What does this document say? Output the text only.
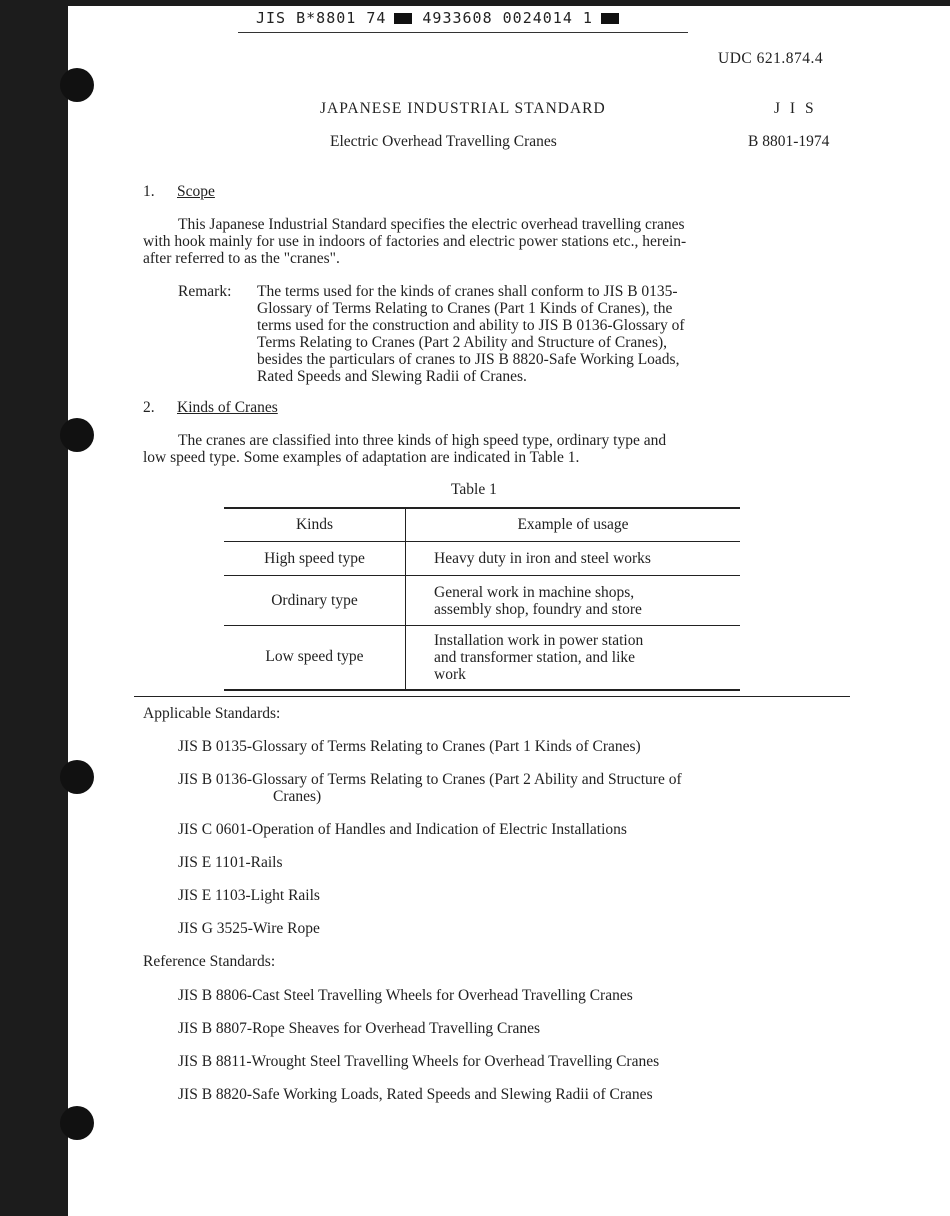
JIS B*8801 74 4933608 0024014 1
UDC 621.874.4
JAPANESE INDUSTRIAL STANDARD	J I S
Electric Overhead Travelling Cranes	B 8801-1974
1. Scope
This Japanese Industrial Standard specifies the electric overhead travelling cranes
with hook mainly for use in indoors of factories and electric power stations etc., herein-
after referred to as the "cranes".
Remark: The terms used for the kinds of cranes shall conform to JIS B 0135-
Glossary of Terms Relating to Cranes (Part 1 Kinds of Cranes), the
terms used for the construction and ability to JIS B 0136-Glossary of
Terms Relating to Cranes (Part 2 Ability and Structure of Cranes),
besides the particulars of cranes to JIS B 8820-Safe Working Loads,
Rated Speeds and Slewing Radii of Cranes.
2. Kinds of Cranes
The cranes are classified into three kinds of high speed type, ordinary type and
low speed type. Some examples of adaptation are indicated in Table 1.
Table 1
Kinds	Example of usage
High speed type	Heavy duty in iron and steel works

Ordinary type	General work in machine shops,
assembly shop, foundry and store

Low speed type	Installation work in power station
and transformer station, and like
work
Applicable Standards:
JIS B 0135-Glossary of Terms Relating to Cranes (Part 1 Kinds of Cranes)
JIS B 0136-Glossary of Terms Relating to Cranes (Part 2 Ability and Structure of
Cranes)
JIS C 0601-Operation of Handles and Indication of Electric Installations
JIS E 1101-Rails
JIS E 1103-Light Rails
JIS G 3525-Wire Rope
Reference Standards:
JIS B 8806-Cast Steel Travelling Wheels for Overhead Travelling Cranes
JIS B 8807-Rope Sheaves for Overhead Travelling Cranes
JIS B 8811-Wrought Steel Travelling Wheels for Overhead Travelling Cranes
JIS B 8820-Safe Working Loads, Rated Speeds and Slewing Radii of Cranes
